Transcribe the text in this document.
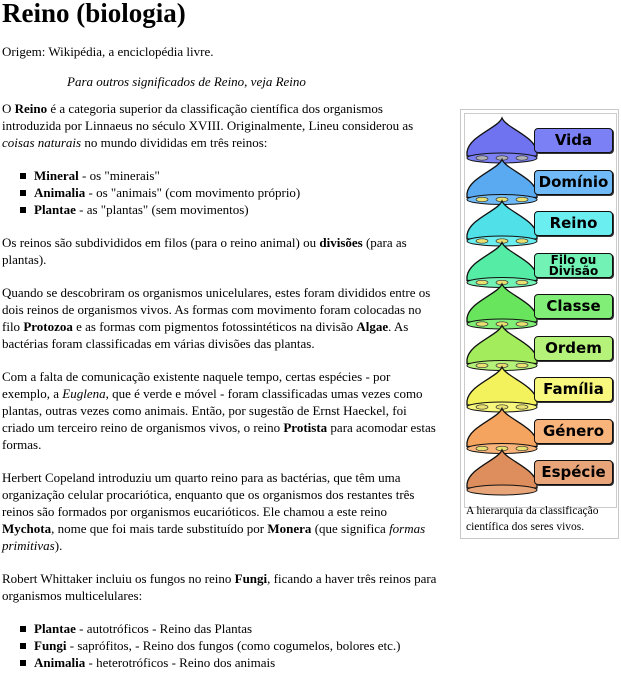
Reino (biologia)

Origem: Wikipédia, a enciclopédia livre.

Para outros significados de Reino, veja Reino

O Reino é a categoria superior da classificação científica dos organismos introduzida por Linnaeus no século XVIII. Originalmente, Lineu considerou as coisas naturais no mundo divididas em três reinos:

Mineral - os "minerais"
Animalia - os "animais" (com movimento próprio)
Plantae - as "plantas" (sem movimentos)

Os reinos são subdivididos em filos (para o reino animal) ou divisões (para as plantas).

Quando se descobriram os organismos unicelulares, estes foram divididos entre os dois reinos de organismos vivos. As formas com movimento foram colocadas no filo Protozoa e as formas com pigmentos fotossintéticos na divisão Algae. As bactérias foram classificadas em várias divisões das plantas.

Com a falta de comunicação existente naquele tempo, certas espécies - por exemplo, a Euglena, que é verde e móvel - foram classificadas umas vezes como plantas, outras vezes como animais. Então, por sugestão de Ernst Haeckel, foi criado um terceiro reino de organismos vivos, o reino Protista para acomodar estas formas.

Herbert Copeland introduziu um quarto reino para as bactérias, que têm uma organização celular procariótica, enquanto que os organismos dos restantes três reinos são formados por organismos eucarióticos. Ele chamou a este reino Mychota, nome que foi mais tarde substituído por Monera (que significa formas primitivas).

Robert Whittaker incluiu os fungos no reino Fungi, ficando a haver três reinos para organismos multicelulares:

Plantae - autotróficos - Reino das Plantas
Fungi - saprófitos, - Reino dos fungos (como cogumelos, bolores etc.)
Animalia - heterotróficos - Reino dos animais
Vida
Domínio
Reino
Filo ou
Divisão
Classe
Ordem
Família
Género
Espécie
A hierarquia da classificação científica dos seres vivos.
